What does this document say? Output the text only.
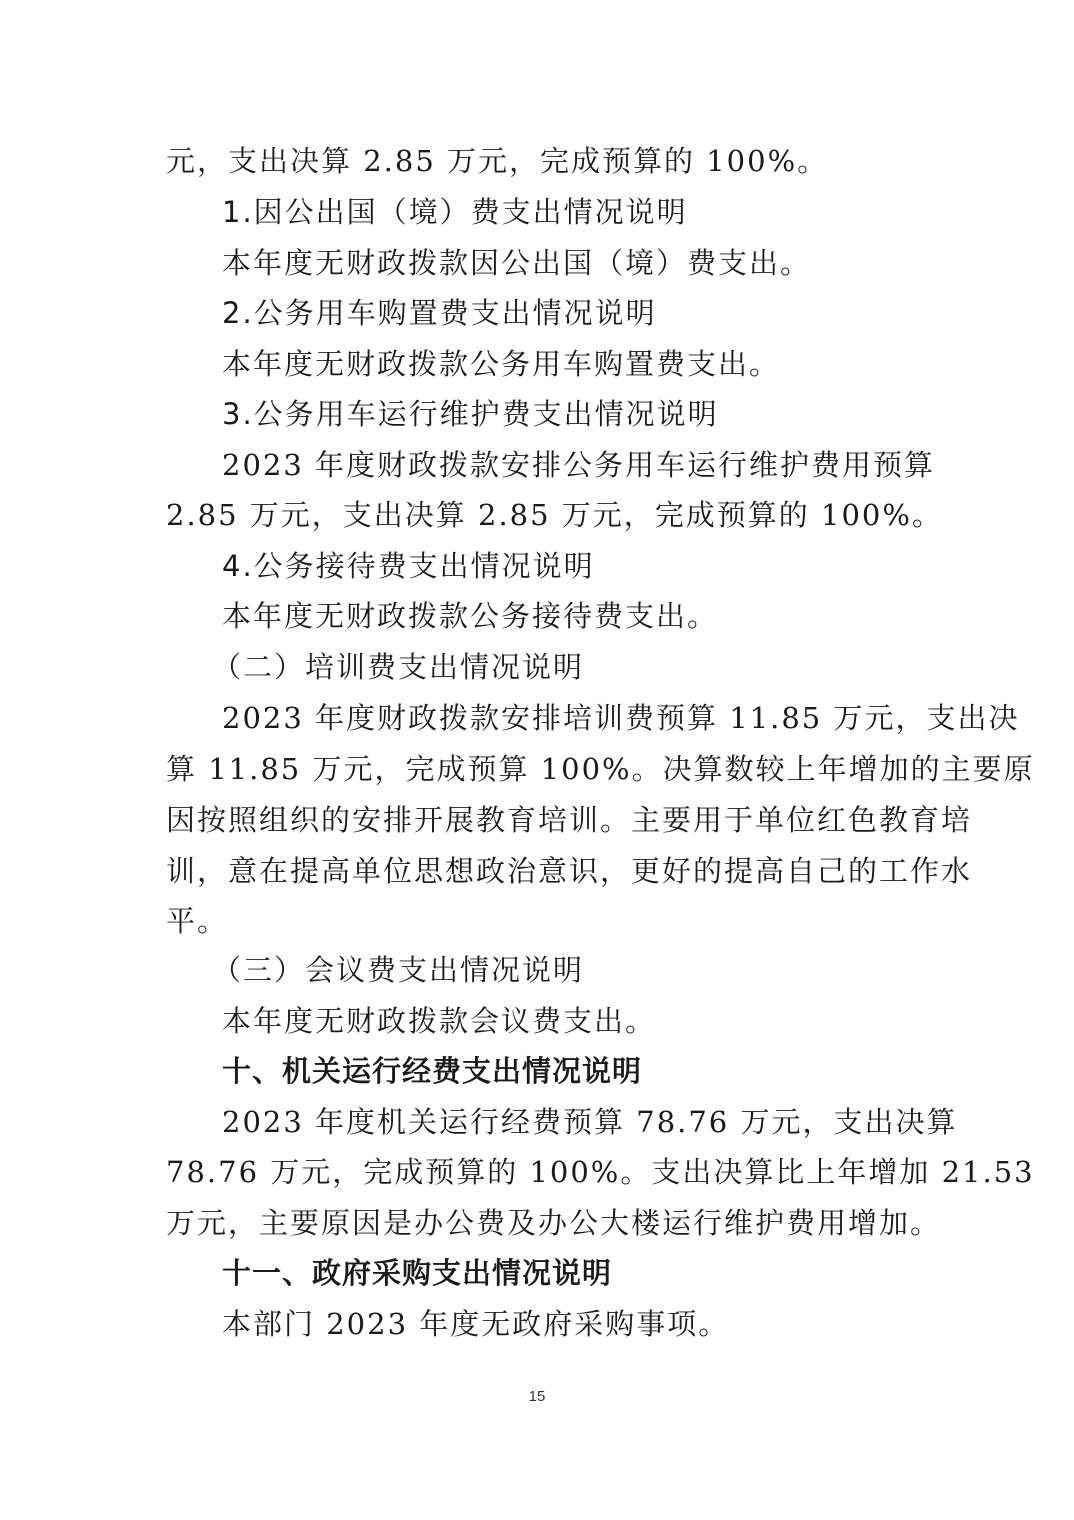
元，支出决算 2.85 万元，完成预算的 100%。
1.因公出国（境）费支出情况说明
本年度无财政拨款因公出国（境）费支出。
2.公务用车购置费支出情况说明
本年度无财政拨款公务用车购置费支出。
3.公务用车运行维护费支出情况说明
2023 年度财政拨款安排公务用车运行维护费用预算
2.85 万元，支出决算 2.85 万元，完成预算的 100%。
4.公务接待费支出情况说明
本年度无财政拨款公务接待费支出。
（二）培训费支出情况说明
2023 年度财政拨款安排培训费预算 11.85 万元，支出决
算 11.85 万元，完成预算 100%。决算数较上年增加的主要原
因按照组织的安排开展教育培训。主要用于单位红色教育培
训，意在提高单位思想政治意识，更好的提高自己的工作水
平。
（三）会议费支出情况说明
本年度无财政拨款会议费支出。
十、机关运行经费支出情况说明
2023 年度机关运行经费预算 78.76 万元，支出决算
78.76 万元，完成预算的 100%。支出决算比上年增加 21.53
万元，主要原因是办公费及办公大楼运行维护费用增加。
十一、政府采购支出情况说明
本部门 2023 年度无政府采购事项。
15
